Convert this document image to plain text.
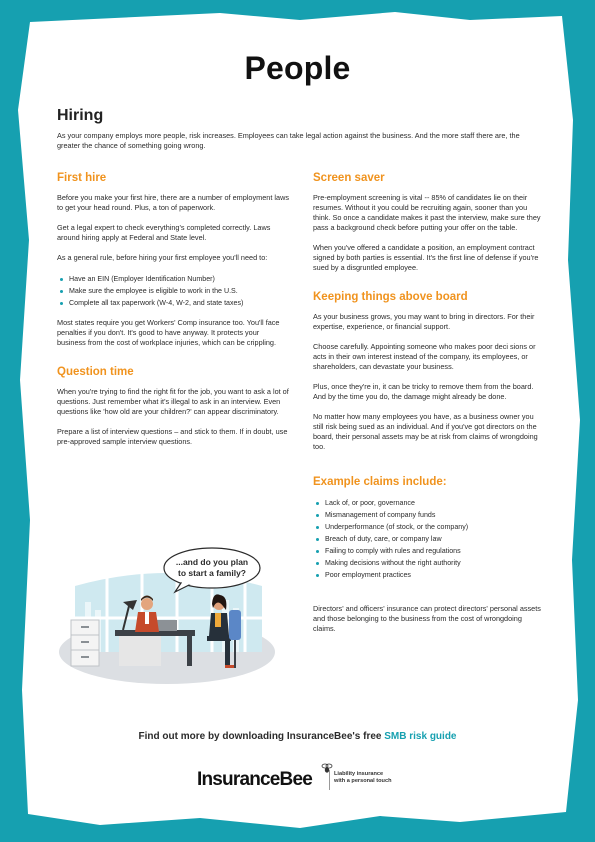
People
Hiring

As your company employs more people, risk increases. Employees can take legal action against the business. And the more staff there are, the greater the chance of something going wrong.

First hire

Before you make your first hire, there are a number of employment laws to get your head round. Plus, a ton of paperwork.

Get a legal expert to check everything's completed correctly. Laws around hiring apply at Federal and State level.

As a general rule, before hiring your first employee you'll need to:

Have an EIN (Employer Identification Number)
Make sure the employee is eligible to work in the U.S.
Complete all tax paperwork (W-4, W-2, and state taxes)

Most states require you get Workers' Comp insurance too. You'll face penalties if you don't. It's good to have anyway. It protects your business from the cost of workplace injuries, which can be crippling.

Question time

When you're trying to find the right fit for the job, you want to ask a lot of questions. Just remember what it's illegal to ask in an interview. Even questions like 'how old are your children?' can appear discriminatory.

Prepare a list of interview questions – and stick to them. If in doubt, use pre-approved sample interview questions.

...and do you plan
to start a family?
Screen saver

Pre-employment screening is vital -- 85% of candidates lie on their resumes. Without it you could be recruiting again, sooner than you think. So once a candidate makes it past the interview, make sure they pass a background check before putting your offer on the table.

When you've offered a candidate a position, an employment contract signed by both parties is essential. It's the first line of defense if you're sued by a disgruntled employee.

Keeping things above board

As your business grows, you may want to bring in directors. For their expertise, experience, or financial support.

Choose carefully. Appointing someone who makes poor deci sions or acts in their own interest instead of the company, its employees, or shareholders, can devastate your business.

Plus, once they're in, it can be tricky to remove them from the board. And by the time you do, the damage might already be done.

No matter how many employees you have, as a business owner you still risk being sued as an individual. And if you've got directors on the board, their personal assets may be at risk from claims of wrongdoing too.

Example claims include:
Lack of, or poor, governance
Mismanagement of company funds
Underperformance (of stock, or the company)
Breach of duty, care, or company law
Failing to comply with rules and regulations
Making decisions without the right authority
Poor employment practices

Directors' and officers' insurance can protect directors' personal assets and those belonging to the business from the cost of wrongdoing claims.

Find out more by downloading InsuranceBee's free SMB risk guide
InsuranceBee	Liability insurance
with a personal touch
